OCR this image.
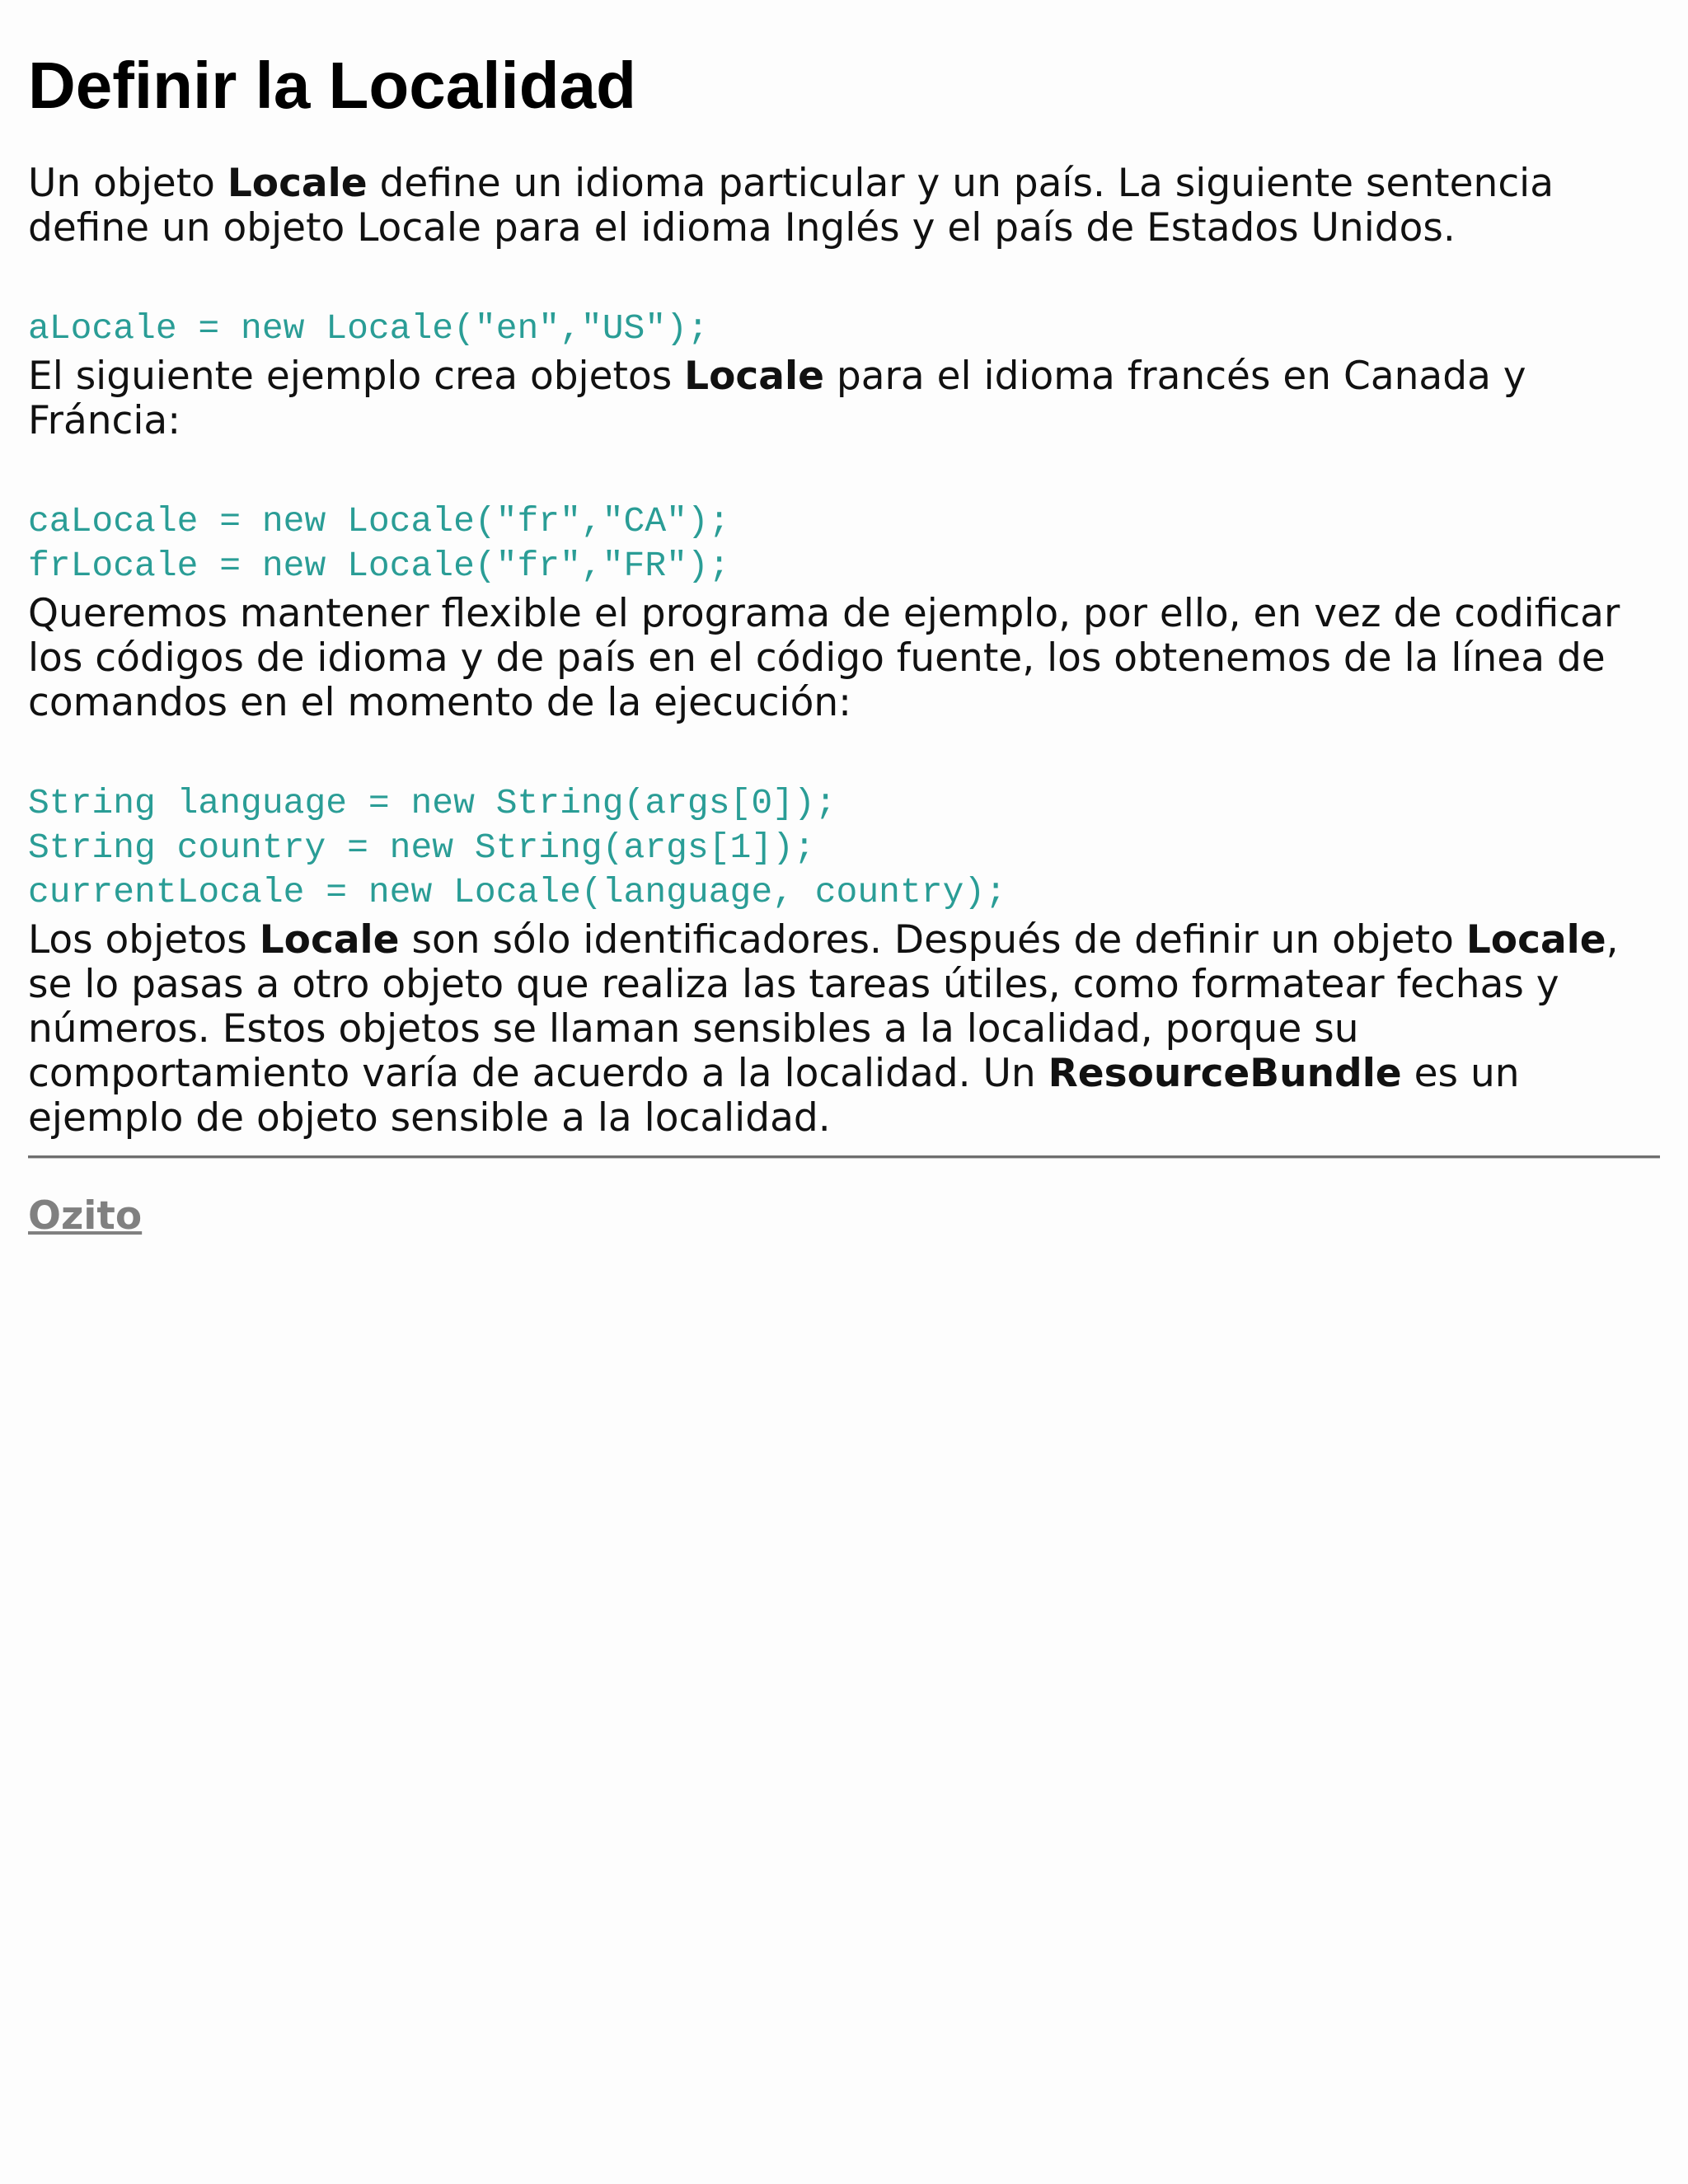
Definir la Localidad

Un objeto Locale define un idioma particular y un país. La siguiente sentencia define un objeto Locale para el idioma Inglés y el país de Estados Unidos.

aLocale = new Locale("en","US");

El siguiente ejemplo crea objetos Locale para el idioma francés en Canada y Fráncia:

caLocale = new Locale("fr","CA");
frLocale = new Locale("fr","FR");

Queremos mantener flexible el programa de ejemplo, por ello, en vez de codificar los códigos de idioma y de país en el código fuente, los obtenemos de la línea de comandos en el momento de la ejecución:

String language = new String(args[0]);
String country = new String(args[1]);
currentLocale = new Locale(language, country);

Los objetos Locale son sólo identificadores. Después de definir un objeto Locale, se lo pasas a otro objeto que realiza las tareas útiles, como formatear fechas y números. Estos objetos se llaman sensibles a la localidad, porque su comportamiento varía de acuerdo a la localidad. Un ResourceBundle es un ejemplo de objeto sensible a la localidad.

Ozito
